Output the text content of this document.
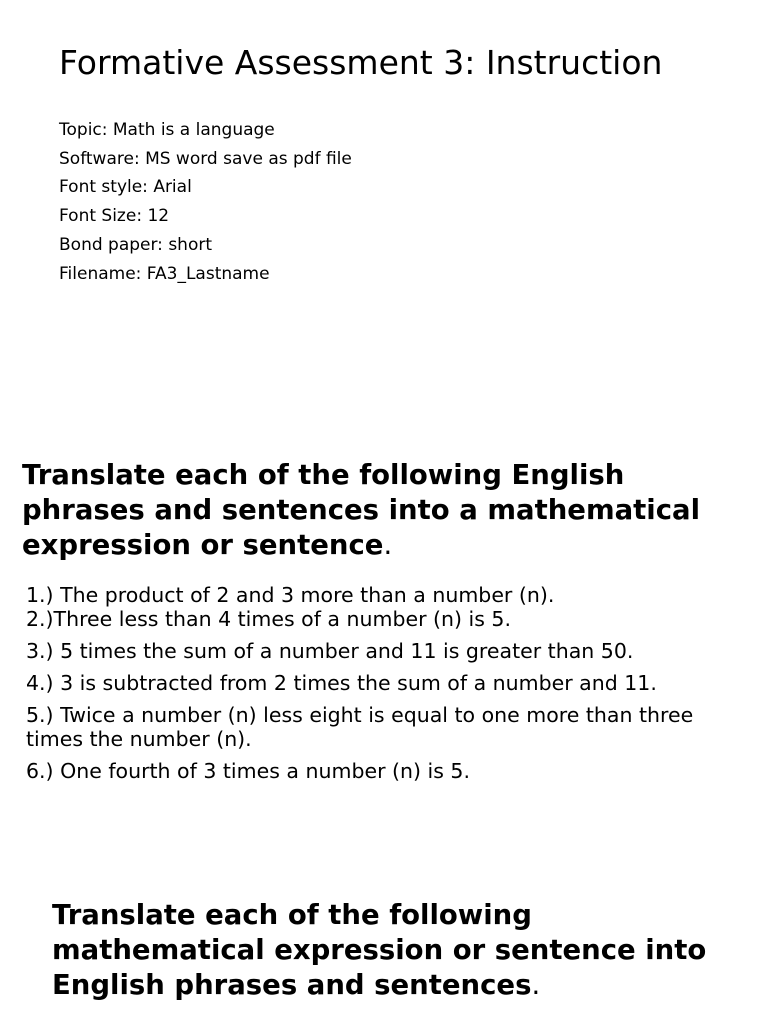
Formative Assessment 3: Instruction
Topic: Math is a language
Software: MS word save as pdf file
Font style: Arial
Font Size: 12
Bond paper: short
Filename: FA3_Lastname
Translate each of the following English phrases and sentences into a mathematical expression or sentence.
1.) The product of 2 and 3 more than a number (n).
2.)Three less than 4 times of a number (n) is 5.
3.) 5 times the sum of a number and 11 is greater than 50.
4.) 3 is subtracted from 2 times the sum of a number and 11.
5.) Twice a number (n) less eight is equal to one more than three times the number (n).
6.) One fourth of 3 times a number (n) is 5.
Translate each of the following mathematical expression or sentence into English phrases and sentences.
